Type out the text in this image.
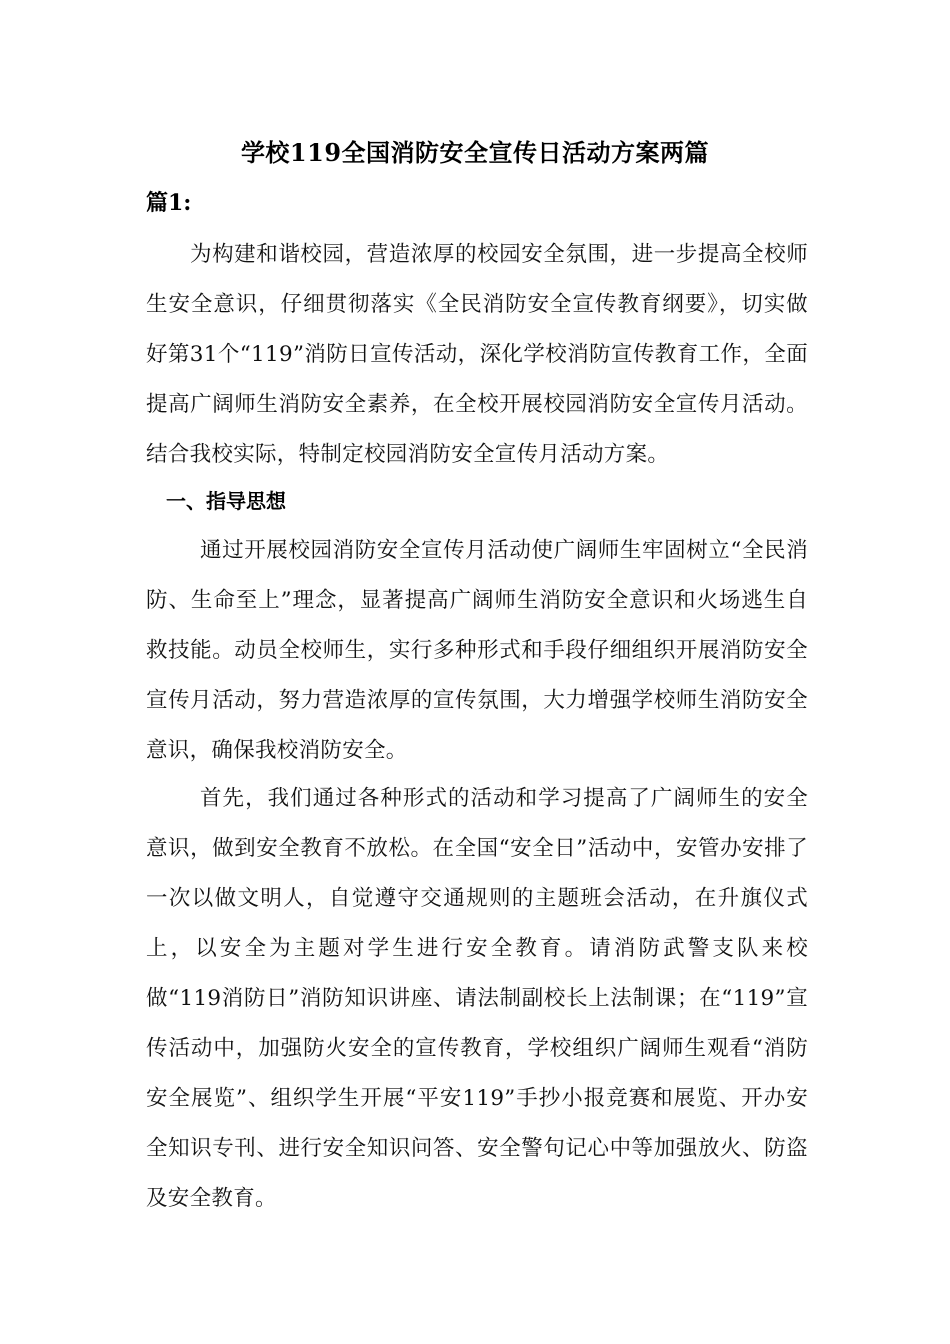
学校119全国消防安全宣传日活动方案两篇
篇1:
为构建和谐校园，营造浓厚的校园安全氛围，进一步提高全校师生安全意识，仔细贯彻落实《全民消防安全宣传教育纲要》，切实做好第31个“119”消防日宣传活动，深化学校消防宣传教育工作，全面提高广阔师生消防安全素养，在全校开展校园消防安全宣传月活动。结合我校实际，特制定校园消防安全宣传月活动方案。
一、指导思想
通过开展校园消防安全宣传月活动使广阔师生牢固树立“全民消防、生命至上”理念，显著提高广阔师生消防安全意识和火场逃生自救技能。动员全校师生，实行多种形式和手段仔细组织开展消防安全宣传月活动，努力营造浓厚的宣传氛围，大力增强学校师生消防安全意识，确保我校消防安全。
首先，我们通过各种形式的活动和学习提高了广阔师生的安全意识，做到安全教育不放松。在全国“安全日”活动中，安管办安排了一次以做文明人，自觉遵守交通规则的主题班会活动，在升旗仪式上，以安全为主题对学生进行安全教育。请消防武警支队来校做“119消防日”消防知识讲座、请法制副校长上法制课；在“119”宣传活动中，加强防火安全的宣传教育，学校组织广阔师生观看“消防安全展览”、组织学生开展“平安119”手抄小报竞赛和展览、开办安全知识专刊、进行安全知识问答、安全警句记心中等加强放火、防盗及安全教育。
